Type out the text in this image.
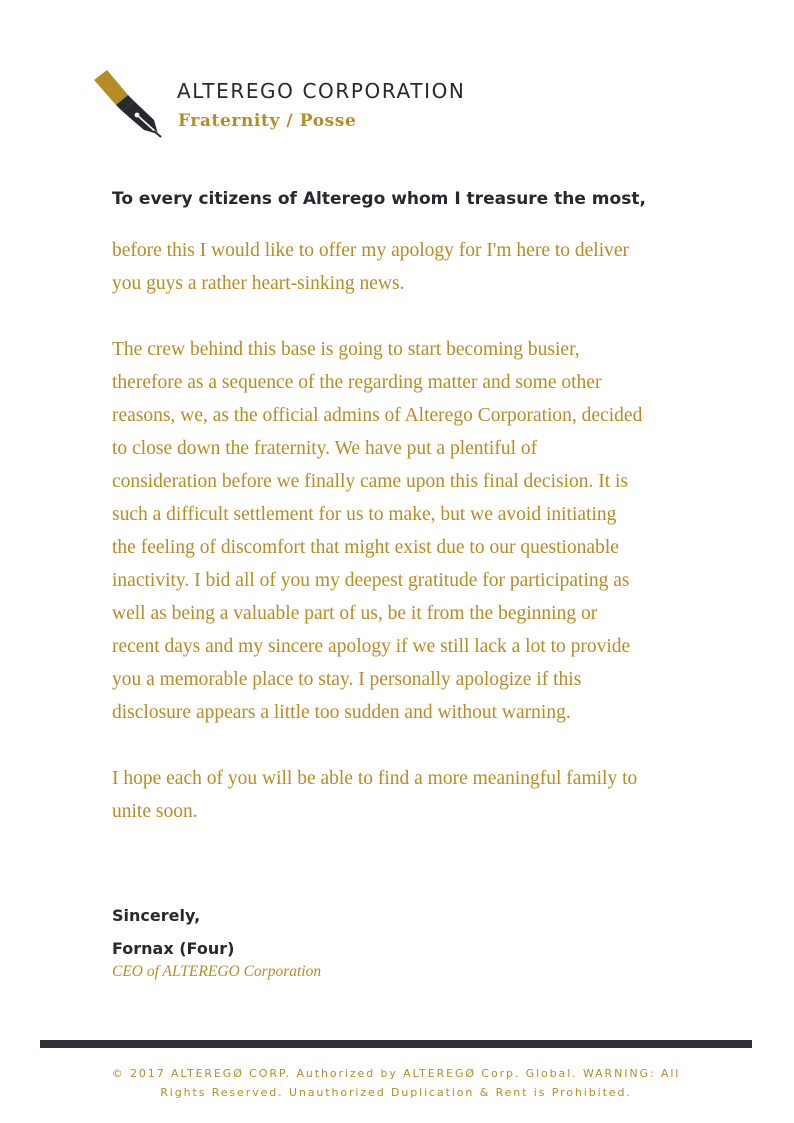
ALTEREGO CORPORATION
Fraternity / Posse
To every citizens of Alterego whom I treasure the most,

before this I would like to offer my apology for I'm here to deliver
you guys a rather heart-sinking news.

The crew behind this base is going to start becoming busier,
therefore as a sequence of the regarding matter and some other
reasons, we, as the official admins of Alterego Corporation, decided
to close down the fraternity. We have put a plentiful of
consideration before we finally came upon this final decision. It is
such a difficult settlement for us to make, but we avoid initiating
the feeling of discomfort that might exist due to our questionable
inactivity. I bid all of you my deepest gratitude for participating as
well as being a valuable part of us, be it from the beginning or
recent days and my sincere apology if we still lack a lot to provide
you a memorable place to stay. I personally apologize if this
disclosure appears a little too sudden and without warning.

I hope each of you will be able to find a more meaningful family to
unite soon.

Sincerely,
Fornax (Four)
CEO of ALTEREGO Corporation
© 2017 ALTEREGØ CORP. Authorized by ALTEREGØ Corp. Global. WARNING: All
Rights Reserved. Unauthorized Duplication & Rent is Prohibited.
